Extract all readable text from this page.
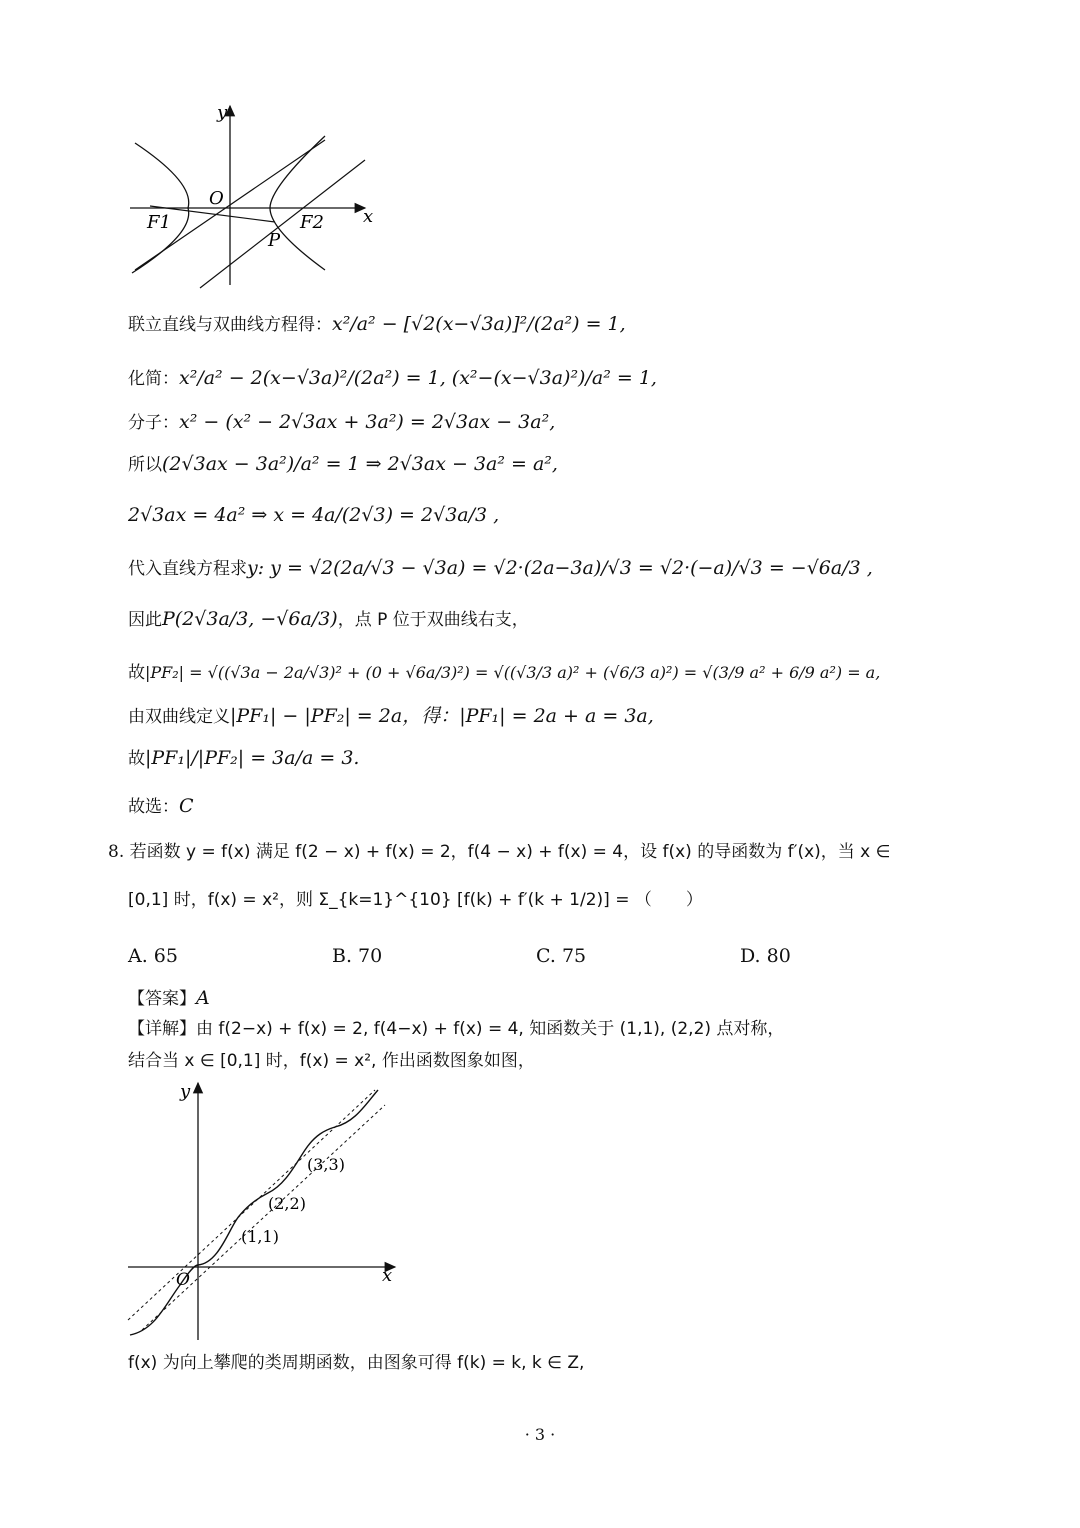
y
O
x
F1	F2
P
联立直线与双曲线方程得：x²/a² − [√2(x−√3a)]²/(2a²) = 1,
化简：x²/a² − 2(x−√3a)²/(2a²) = 1, (x²−(x−√3a)²)/a² = 1,
分子：x² − (x² − 2√3ax + 3a²) = 2√3ax − 3a²,
所以(2√3ax − 3a²)/a² = 1 ⇒ 2√3ax − 3a² = a²,
2√3ax = 4a² ⇒ x = 4a/(2√3) = 2√3a/3 ,
代入直线方程求y: y = √2(2a/√3 − √3a) = √2·(2a−3a)/√3 = √2·(−a)/√3 = −√6a/3 ,
因此P(2√3a/3, −√6a/3)，点 P 位于双曲线右支，
故|PF₂| = √((√3a − 2a/√3)² + (0 + √6a/3)²) = √((√3/3 a)² + (√6/3 a)²) = √(3/9 a² + 6/9 a²) = a,
由双曲线定义|PF₁| − |PF₂| = 2a，得：|PF₁| = 2a + a = 3a,
故|PF₁|/|PF₂| = 3a/a = 3.
故选：C
8. 若函数 y = f(x) 满足 f(2 − x) + f(x) = 2，f(4 − x) + f(x) = 4，设 f(x) 的导函数为 f′(x)，当 x ∈
[0,1] 时，f(x) = x²，则 Σ_{k=1}^{10} [f(k) + f′(k + 1/2)] = （　　）
A. 65	B. 70	C. 75	D. 80
【答案】A
【详解】由 f(2−x) + f(x) = 2, f(4−x) + f(x) = 4, 知函数关于 (1,1), (2,2) 点对称，
结合当 x ∈ [0,1] 时，f(x) = x², 作出函数图象如图，
y
O	x
(1,1)
(2,2)
(3,3)
f(x) 为向上攀爬的类周期函数，由图象可得 f(k) = k, k ∈ Z,
· 3 ·
